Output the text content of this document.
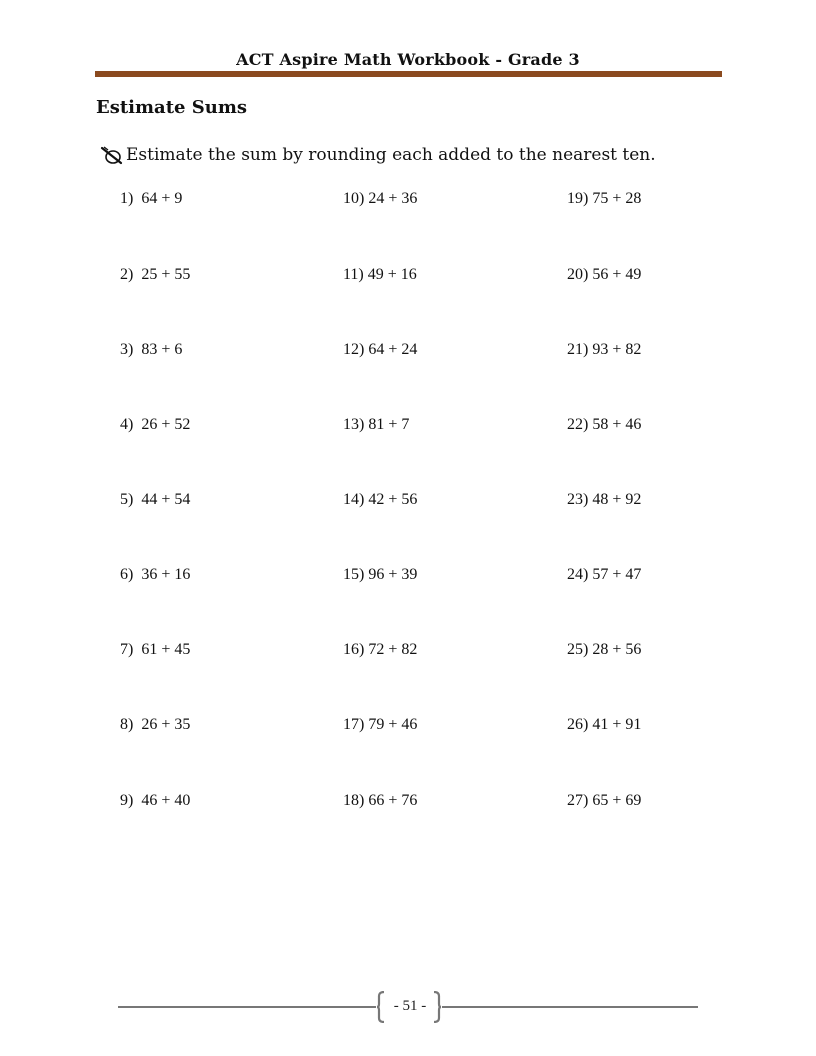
ACT Aspire Math Workbook - Grade 3
Estimate Sums
Estimate the sum by rounding each added to the nearest ten.
1)  64 + 9
2)  25 + 55
3)  83 + 6
4)  26 + 52
5)  44 + 54
6)  36 + 16
7)  61 + 45
8)  26 + 35
9)  46 + 40
10) 24 + 36
11) 49 + 16
12) 64 + 24
13) 81 + 7
14) 42 + 56
15) 96 + 39
16) 72 + 82
17) 79 + 46
18) 66 + 76
19) 75 + 28
20) 56 + 49
21) 93 + 82
22) 58 + 46
23) 48 + 92
24) 57 + 47
25) 28 + 56
26) 41 + 91
27) 65 + 69
- 51 -
